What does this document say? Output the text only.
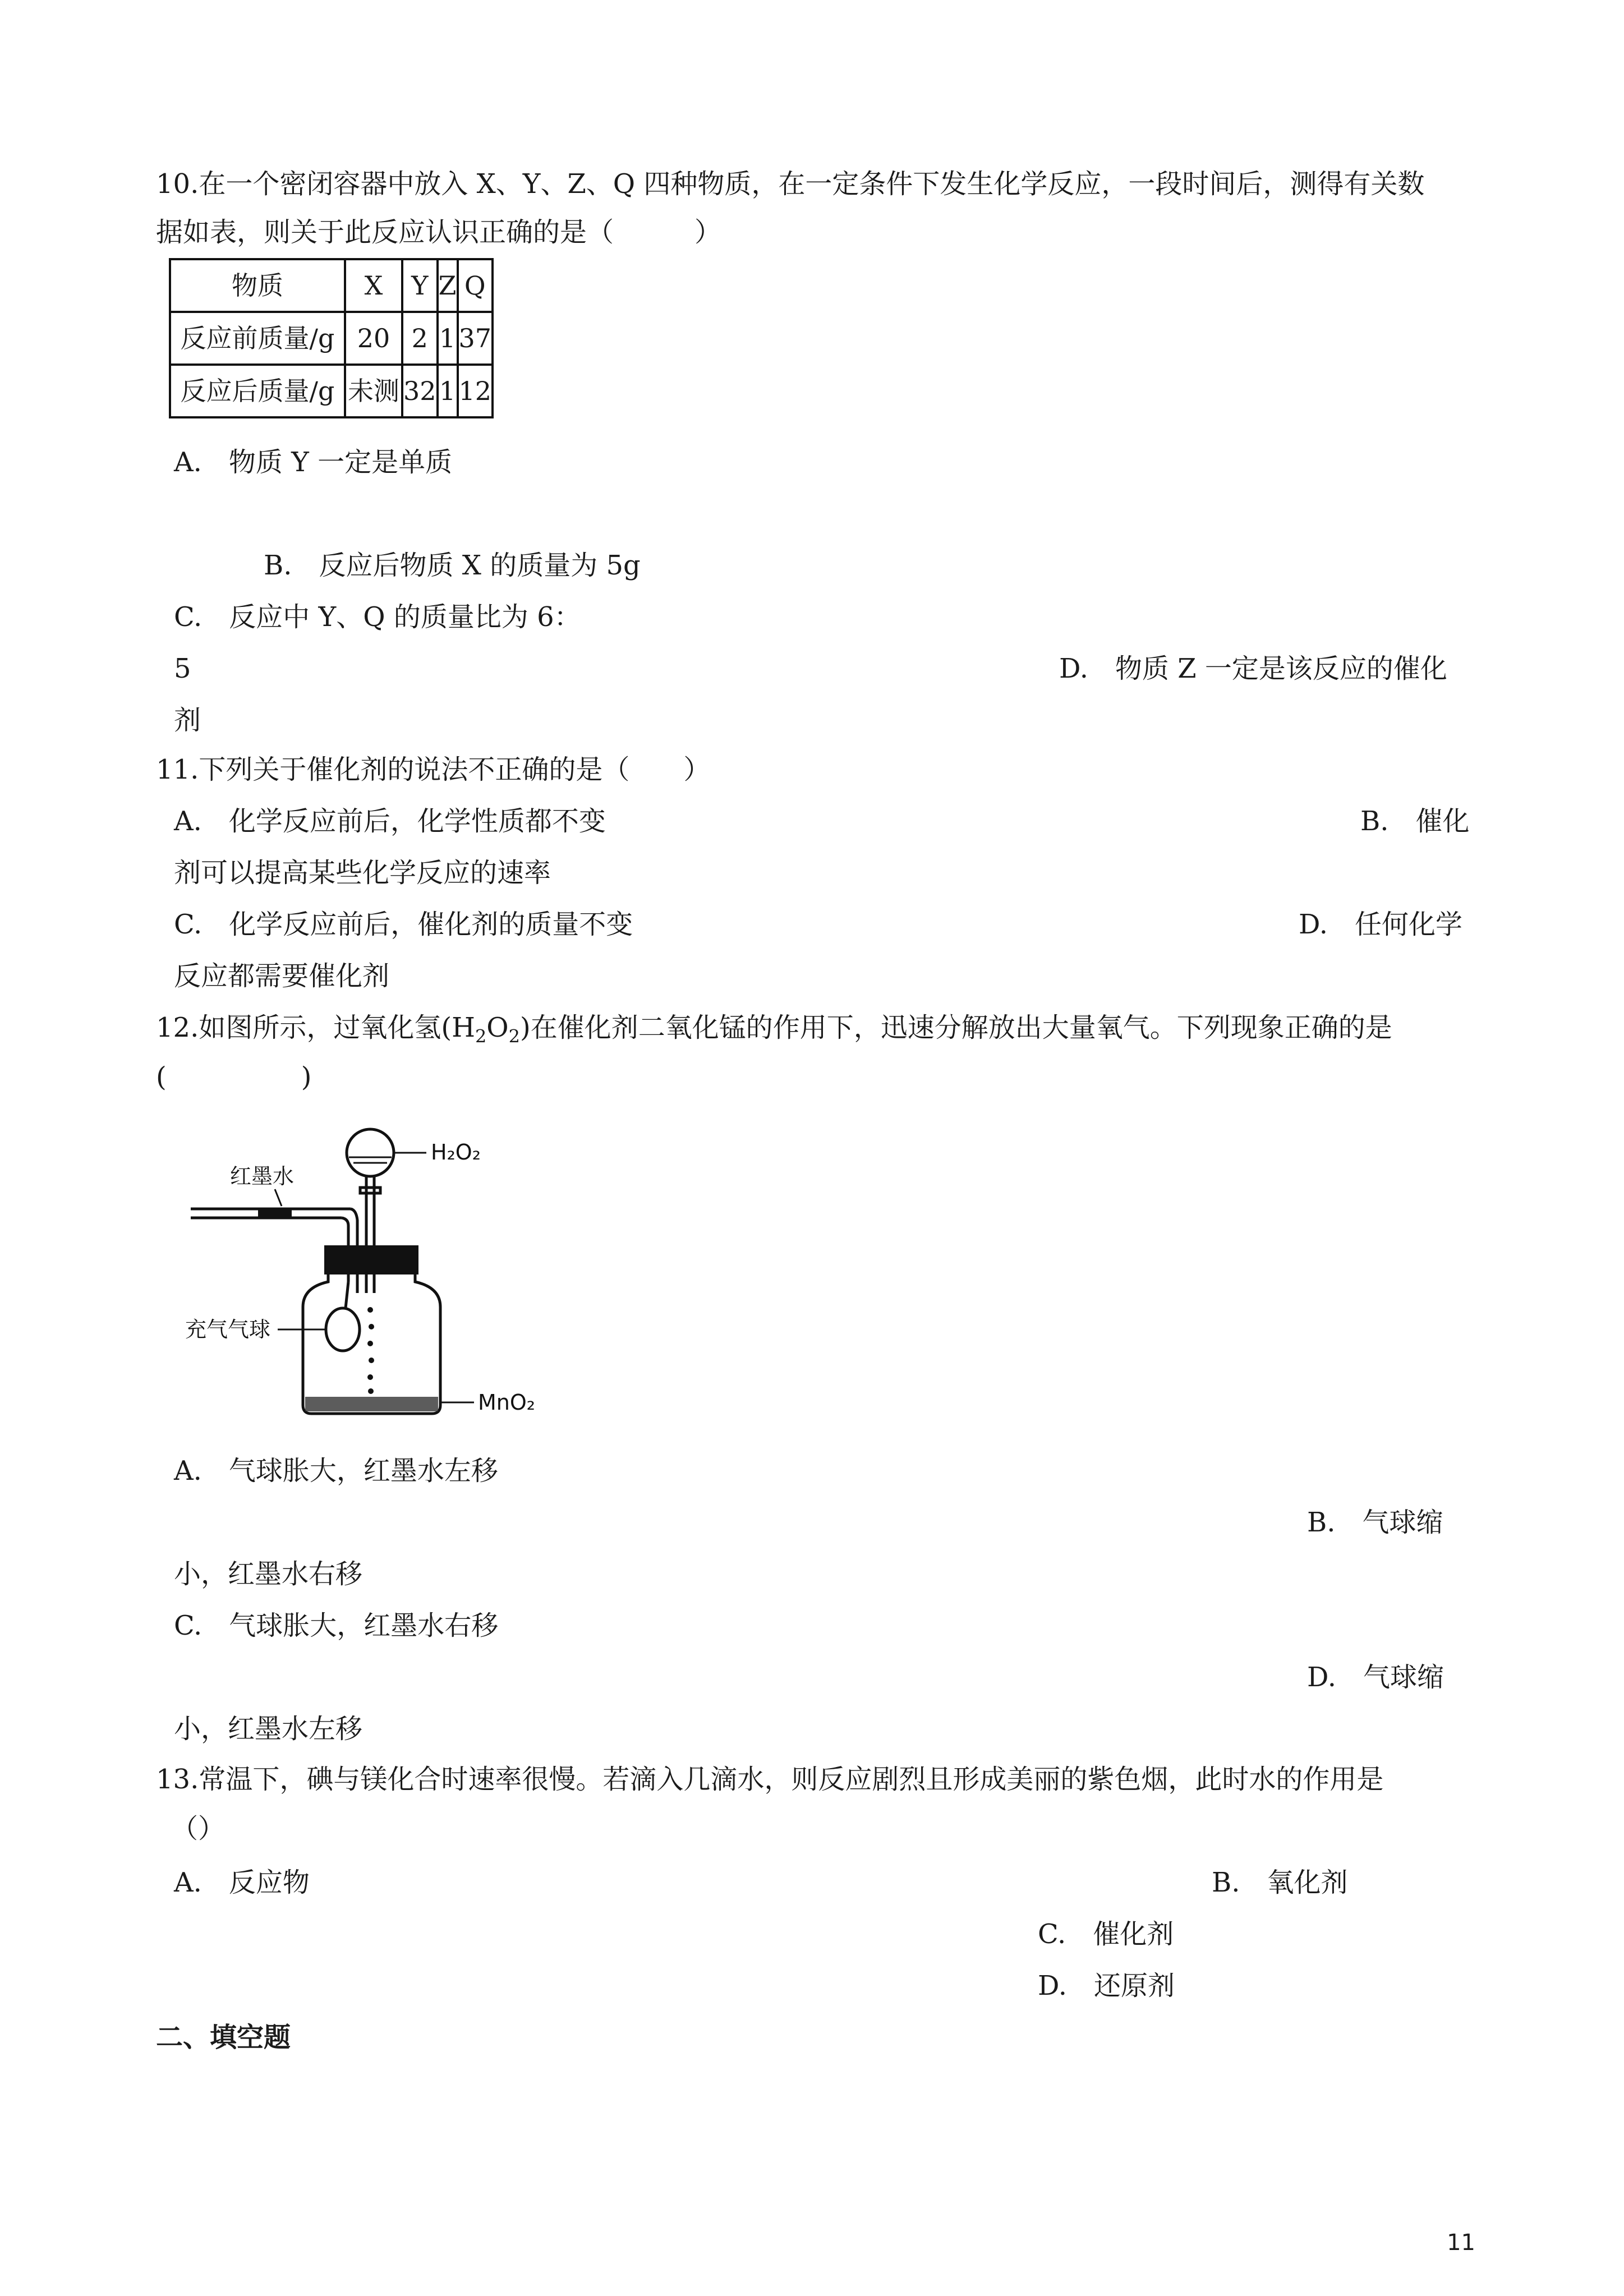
10.在一个密闭容器中放入 X、Y、Z、Q 四种物质，在一定条件下发生化学反应，一段时间后，测得有关数
据如表，则关于此反应认识正确的是（　　　）
物质	X	Y	Z	Q
反应前质量/g	20	2	1	37
反应后质量/g	未测	32	1	12
A.　物质 Y 一定是单质
B.　反应后物质 X 的质量为 5g
C.　反应中 Y、Q 的质量比为 6：
5	D.　物质 Z 一定是该反应的催化
剂
11.下列关于催化剂的说法不正确的是（　　）
A.　化学反应前后，化学性质都不变	B.　催化
剂可以提高某些化学反应的速率
C.　化学反应前后，催化剂的质量不变	D.　任何化学
反应都需要催化剂
12.如图所示，过氧化氢$(H_2O_2)$在催化剂二氧化锰的作用下，迅速分解放出大量氧气。下列现象正确的是
(　　　　　)
红墨水
充气气球
H₂O₂
MnO₂
A.　气球胀大，红墨水左移
B.　气球缩
小，红墨水右移
C.　气球胀大，红墨水右移
D.　气球缩
小，红墨水左移
13.常温下，碘与镁化合时速率很慢。若滴入几滴水，则反应剧烈且形成美丽的紫色烟，此时水的作用是
（）
A.　反应物	B.　氧化剂
C.　催化剂
D.　还原剂
二、填空题
11
